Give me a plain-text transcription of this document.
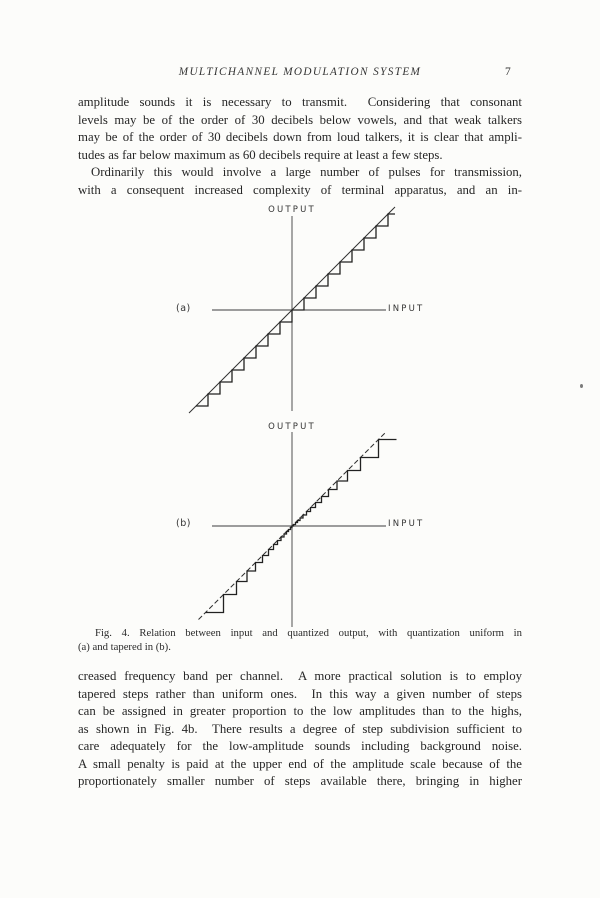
MULTICHANNEL MODULATION SYSTEM	7
amplitude sounds it is necessary to transmit.  Considering that consonant
levels may be of the order of 30 decibels below vowels, and that weak talkers
may be of the order of 30 decibels down from loud talkers, it is clear that ampli-
tudes as far below maximum as 60 decibels require at least a few steps.
Ordinarily this would involve a large number of pulses for transmission,
with a consequent increased complexity of terminal apparatus, and an in-
OUTPUT
INPUT
(a)
OUTPUT
INPUT
(b)
Fig. 4. Relation between input and quantized output, with quantization uniform in
(a) and tapered in (b).
creased frequency band per channel.  A more practical solution is to employ
tapered steps rather than uniform ones.  In this way a given number of steps
can be assigned in greater proportion to the low amplitudes than to the highs,
as shown in Fig. 4b.  There results a degree of step subdivision sufficient to
care adequately for the low-amplitude sounds including background noise.
A small penalty is paid at the upper end of the amplitude scale because of the
proportionately smaller number of steps available there, bringing in higher
